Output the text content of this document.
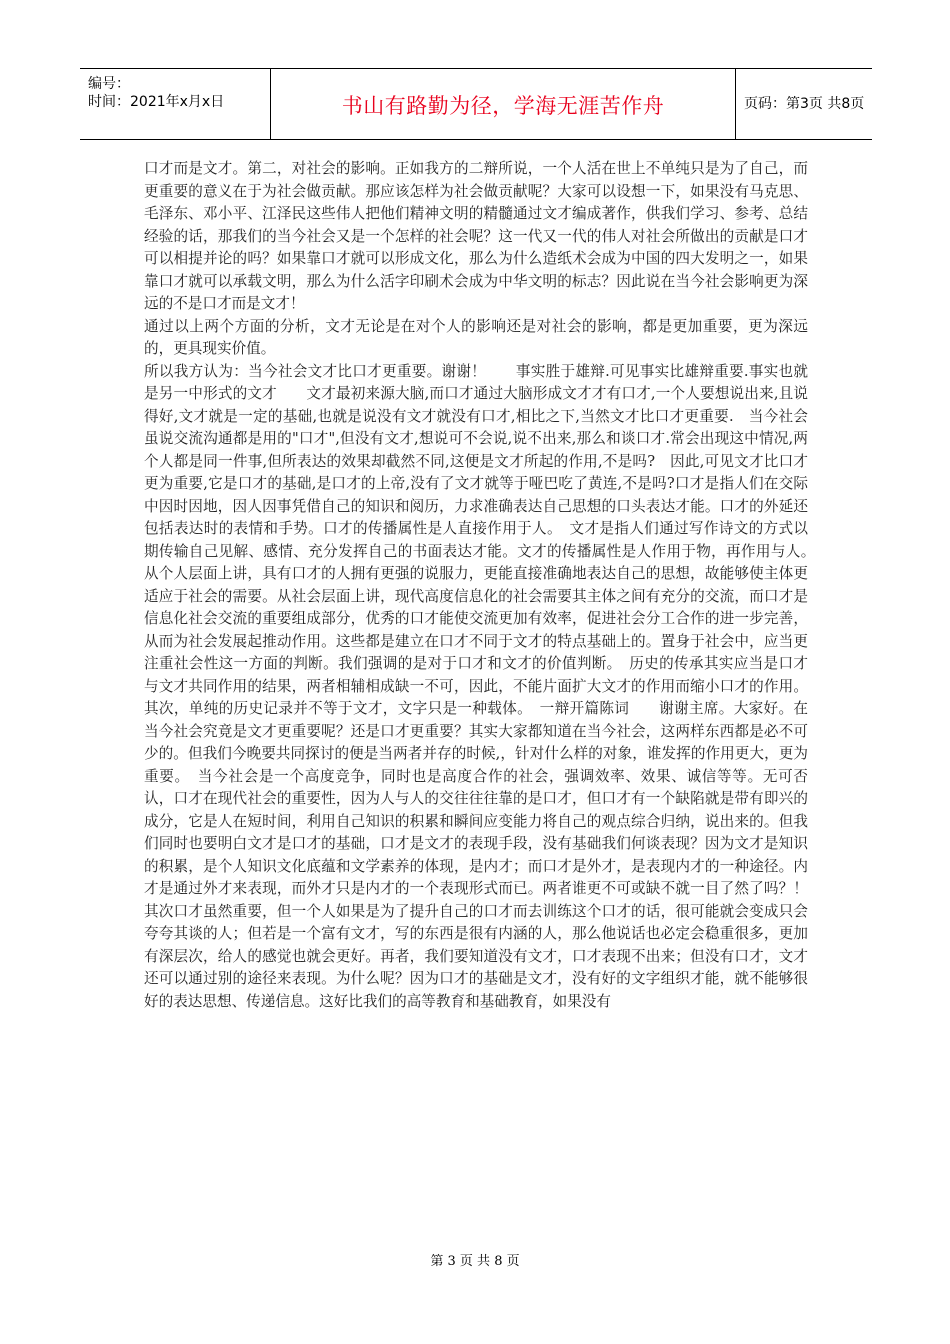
编号：
时间：2021年x月x日	书山有路勤为径，学海无涯苦作舟	页码：第3页 共8页

口才而是文才。第二，对社会的影响。正如我方的二辩所说，一个人活在世上不单纯只是为了自己，而更重要的意义在于为社会做贡献。那应该怎样为社会做贡献呢？大家可以设想一下，如果没有马克思、毛泽东、邓小平、江泽民这些伟人把他们精神文明的精髓通过文才编成著作，供我们学习、参考、总结经验的话，那我们的当今社会又是一个怎样的社会呢？这一代又一代的伟人对社会所做出的贡献是口才可以相提并论的吗？如果靠口才就可以形成文化，那么为什么造纸术会成为中国的四大发明之一，如果靠口才就可以承载文明，那么为什么活字印刷术会成为中华文明的标志？因此说在当今社会影响更为深远的不是口才而是文才！

通过以上两个方面的分析，文才无论是在对个人的影响还是对社会的影响，都是更加重要，更为深远的，更具现实价值。

所以我方认为：当今社会文才比口才更重要。谢谢！　　事实胜于雄辩.可见事实比雄辩重要.事实也就是另一中形式的文才　　文才最初来源大脑,而口才通过大脑形成文才才有口才,一个人要想说出来,且说得好,文才就是一定的基础,也就是说没有文才就没有口才,相比之下,当然文才比口才更重要.　当今社会虽说交流沟通都是用的"口才",但没有文才,想说可不会说,说不出来,那么和谈口才.常会出现这中情况,两个人都是同一件事,但所表达的效果却截然不同,这便是文才所起的作用,不是吗?　因此,可见文才比口才更为重要,它是口才的基础,是口才的上帝,没有了文才就等于哑巴吃了黄连,不是吗?口才是指人们在交际中因时因地，因人因事凭借自己的知识和阅历，力求准确表达自己思想的口头表达才能。口才的外延还包括表达时的表情和手势。口才的传播属性是人直接作用于人。　文才是指人们通过写作诗文的方式以期传输自己见解、感情、充分发挥自己的书面表达才能。文才的传播属性是人作用于物，再作用与人。　从个人层面上讲，具有口才的人拥有更强的说服力，更能直接准确地表达自己的思想，故能够使主体更适应于社会的需要。从社会层面上讲，现代高度信息化的社会需要其主体之间有充分的交流，而口才是信息化社会交流的重要组成部分，优秀的口才能使交流更加有效率，促进社会分工合作的进一步完善，从而为社会发展起推动作用。这些都是建立在口才不同于文才的特点基础上的。置身于社会中，应当更注重社会性这一方面的判断。我们强调的是对于口才和文才的价值判断。　历史的传承其实应当是口才与文才共同作用的结果，两者相辅相成缺一不可，因此，不能片面扩大文才的作用而缩小口才的作用。其次，单纯的历史记录并不等于文才，文字只是一种载体。　一辩开篇陈词　　谢谢主席。大家好。在当今社会究竟是文才更重要呢？还是口才更重要？其实大家都知道在当今社会，这两样东西都是必不可少的。但我们今晚要共同探讨的便是当两者并存的时候,，针对什么样的对象，谁发挥的作用更大，更为重要。　当今社会是一个高度竞争，同时也是高度合作的社会，强调效率、效果、诚信等等。无可否认，口才在现代社会的重要性，因为人与人的交往往往靠的是口才，但口才有一个缺陷就是带有即兴的成分，它是人在短时间，利用自己知识的积累和瞬间应变能力将自己的观点综合归纳，说出来的。但我们同时也要明白文才是口才的基础，口才是文才的表现手段，没有基础我们何谈表现？因为文才是知识的积累，是个人知识文化底蕴和文学素养的体现，是内才；而口才是外才，是表现内才的一种途径。内才是通过外才来表现，而外才只是内才的一个表现形式而已。两者谁更不可或缺不就一目了然了吗？！　其次口才虽然重要，但一个人如果是为了提升自己的口才而去训练这个口才的话，很可能就会变成只会夸夸其谈的人；但若是一个富有文才，写的东西是很有内涵的人，那么他说话也必定会稳重很多，更加有深层次，给人的感觉也就会更好。再者，我们要知道没有文才，口才表现不出来；但没有口才，文才还可以通过别的途径来表现。为什么呢？因为口才的基础是文才，没有好的文字组织才能，就不能够很好的表达思想、传递信息。这好比我们的高等教育和基础教育，如果没有

第 3 页 共 8 页
